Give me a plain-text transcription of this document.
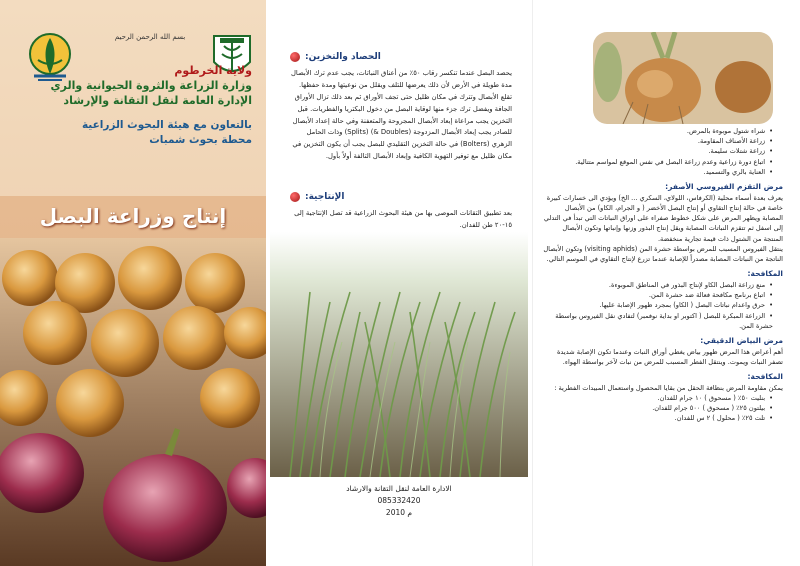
بسم الله الرحمن الرحيم
ولاية الخرطوم
وزارة الزراعة والثروة الحيوانية والري
الإدارة العامة لنقل التقانة والإرشاد
بالتعاون مع هيئة البحوث الزراعية
محطة بحوث شمبات
إنتاج وزراعة البصل
الحصاد والتخزين:
يحصد البصل عندما تنكسر رقاب ٥٠٪ من أعناق النباتات، يجب عدم ترك الأبصال مدة طويلة في الأرض لأن ذلك يعرضها للتلف ويقلل من نوعيتها ومدة حفظها. تقلع الأبصال وتترك في مكان ظليل حتى تجف الأوراق ثم بعد ذلك تزال الأوراق الجافة ويفضل ترك جزء منها لوقاية البصل من دخول البكتريا والفطريات. قبل التخزين يجب مراعاة إبعاد الأبصال المجروحة والمتعفنة وفي حالة إعداد الأبصال للصادر يجب إبعاد الأبصال المزدوجة (Doubles &) (Splits) وذات الحامل الزهري (Bolters) في حالة التخزين التقليدي للبصل يجب أن يكون التخزين في مكان ظليل مع توفير التهوية الكافية وإبعاد الأبصال التالفة أولاً بأول.
الإنتاجية:
بعد تطبيق التقانات الموصى بها من هيئة البحوث الزراعية قد تصل الإنتاجية إلى ١٥-٢٠ طن للفدان.
الادارة العامة لنقل التقانة والارشاد
085332420
2010 م
• شراء شتول موبوءة بالمرض.
• زراعة الأصناف المقاومة.
• زراعة شتلات سليمة.
• اتباع دورة زراعية وعدم زراعة البصل في نفس الموقع لمواسم متتالية.
• العناية بالري والتسميد.
مرض التقزم الفيروسي الأصفر:
يعرف بعدة أسماء محلية (الكرفاس، اللولاي، السكري ... الخ) ويؤدي الى خسارات كبيرة خاصة في حالة إنتاج التقاوي أو إنتاج البصل الأخضر ( و الجرام، الكاو) من الأبصال المصابة ويظهر المرض على شكل خطوط صفراء على اوراق النباتات التي تبدأ في التدلي إلى اسفل ثم تتقزم النباتات المصابة ويقل إنتاج البذور وزنها وإنباتها وتكون الأبصال المنتجة من الشتول ذات قيمة تجارية منخفضة.
ينتقل الفيروس المسبب للمرض بواسطة حشرة المن (visiting aphids) وتكون الأبصال الناتجة من النباتات المصابة مصدراً للإصابة عندما تزرع لإنتاج التقاوي في الموسم التالي.
المكافحة:
• منع زراعة البصل الكاو لإنتاج البذور في المناطق الموبوءة.
• اتباع برنامج مكافحة فعالة ضد حشرة المن.
• حرق واعدام نباتات البصل ( الكاو) بمجرد ظهور الإصابة عليها.
• الزراعة المبكرة للبصل ( اكتوبر او بداية نوفمبر) لتفادي نقل الفيروس بواسطة حشرة المن.
مرض البياض الدقيقي:
أهم أعراض هذا المرض ظهور بياض يغطي أوراق النبات وعندما تكون الإصابة شديدة تصفر النبات ويموت. وينتقل الفطر المسبب للمرض من نبات لآخر بواسطة الهواء.
المكافحة:
يمكن مقاومة المرض بنظافة الحقل من بقايا المحصول واستعمال المبيدات الفطرية :
• بنليت ٥٠٪ ( مسحوق ) ١٠ جرام للفدان.
• بيلتون ٢٥٪ ( مسحوق ) ٥٠٠ جرام للفدان.
• تلت ٢٥٪ ( محلول ) ٢ س للفدان.
